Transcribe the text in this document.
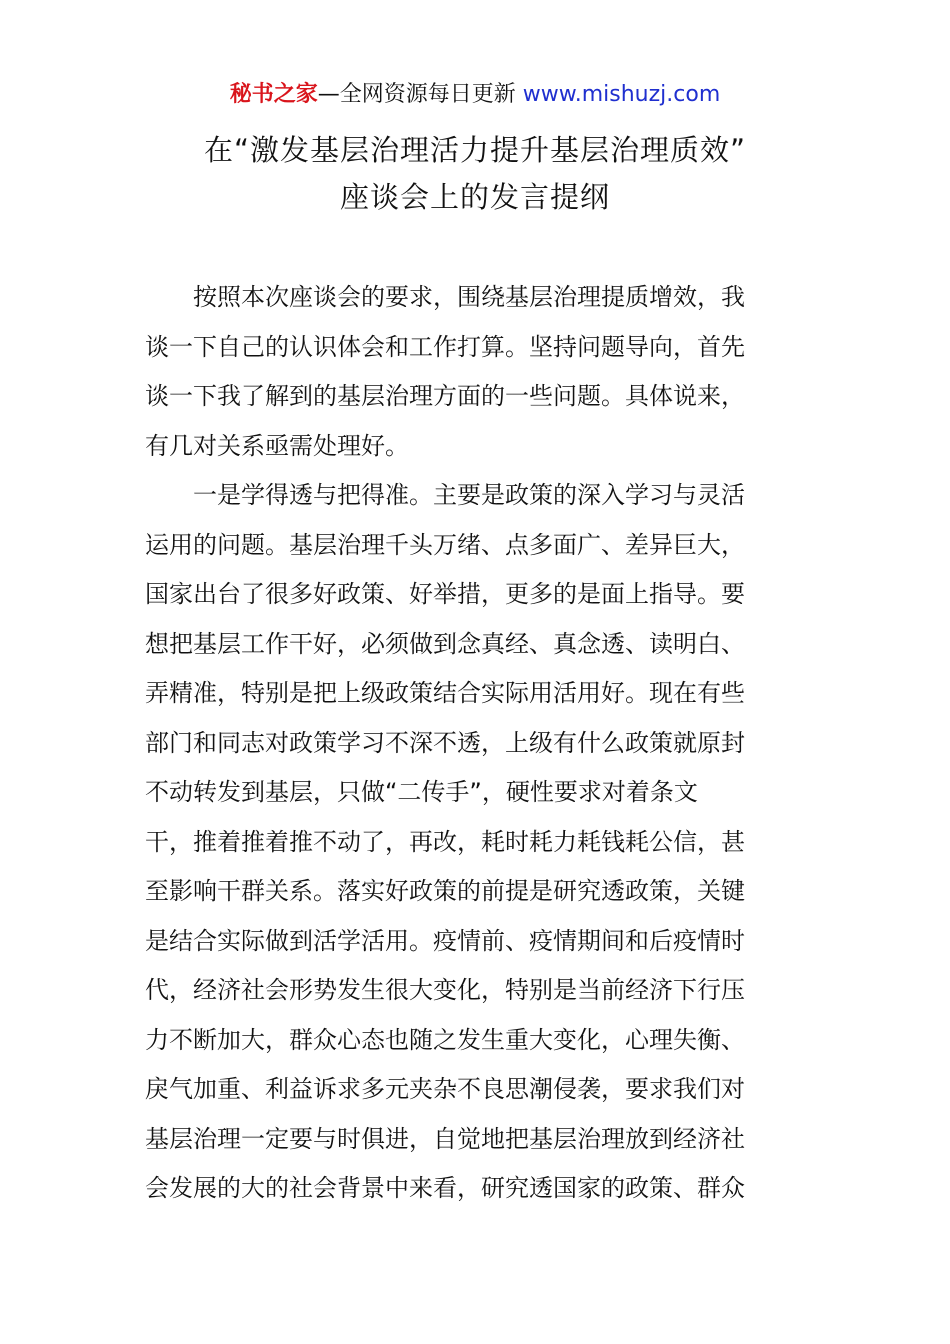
秘书之家—全网资源每日更新 www.mishuzj.com
在“激发基层治理活力提升基层治理质效”
座谈会上的发言提纲
按照本次座谈会的要求，围绕基层治理提质增效，我
谈一下自己的认识体会和工作打算。坚持问题导向，首先
谈一下我了解到的基层治理方面的一些问题。具体说来，
有几对关系亟需处理好。
一是学得透与把得准。主要是政策的深入学习与灵活
运用的问题。基层治理千头万绪、点多面广、差异巨大，
国家出台了很多好政策、好举措，更多的是面上指导。要
想把基层工作干好，必须做到念真经、真念透、读明白、
弄精准，特别是把上级政策结合实际用活用好。现在有些
部门和同志对政策学习不深不透，上级有什么政策就原封
不动转发到基层，只做“二传手”，硬性要求对着条文
干，推着推着推不动了，再改，耗时耗力耗钱耗公信，甚
至影响干群关系。落实好政策的前提是研究透政策，关键
是结合实际做到活学活用。疫情前、疫情期间和后疫情时
代，经济社会形势发生很大变化，特别是当前经济下行压
力不断加大，群众心态也随之发生重大变化，心理失衡、
戾气加重、利益诉求多元夹杂不良思潮侵袭，要求我们对
基层治理一定要与时俱进，自觉地把基层治理放到经济社
会发展的大的社会背景中来看，研究透国家的政策、群众
